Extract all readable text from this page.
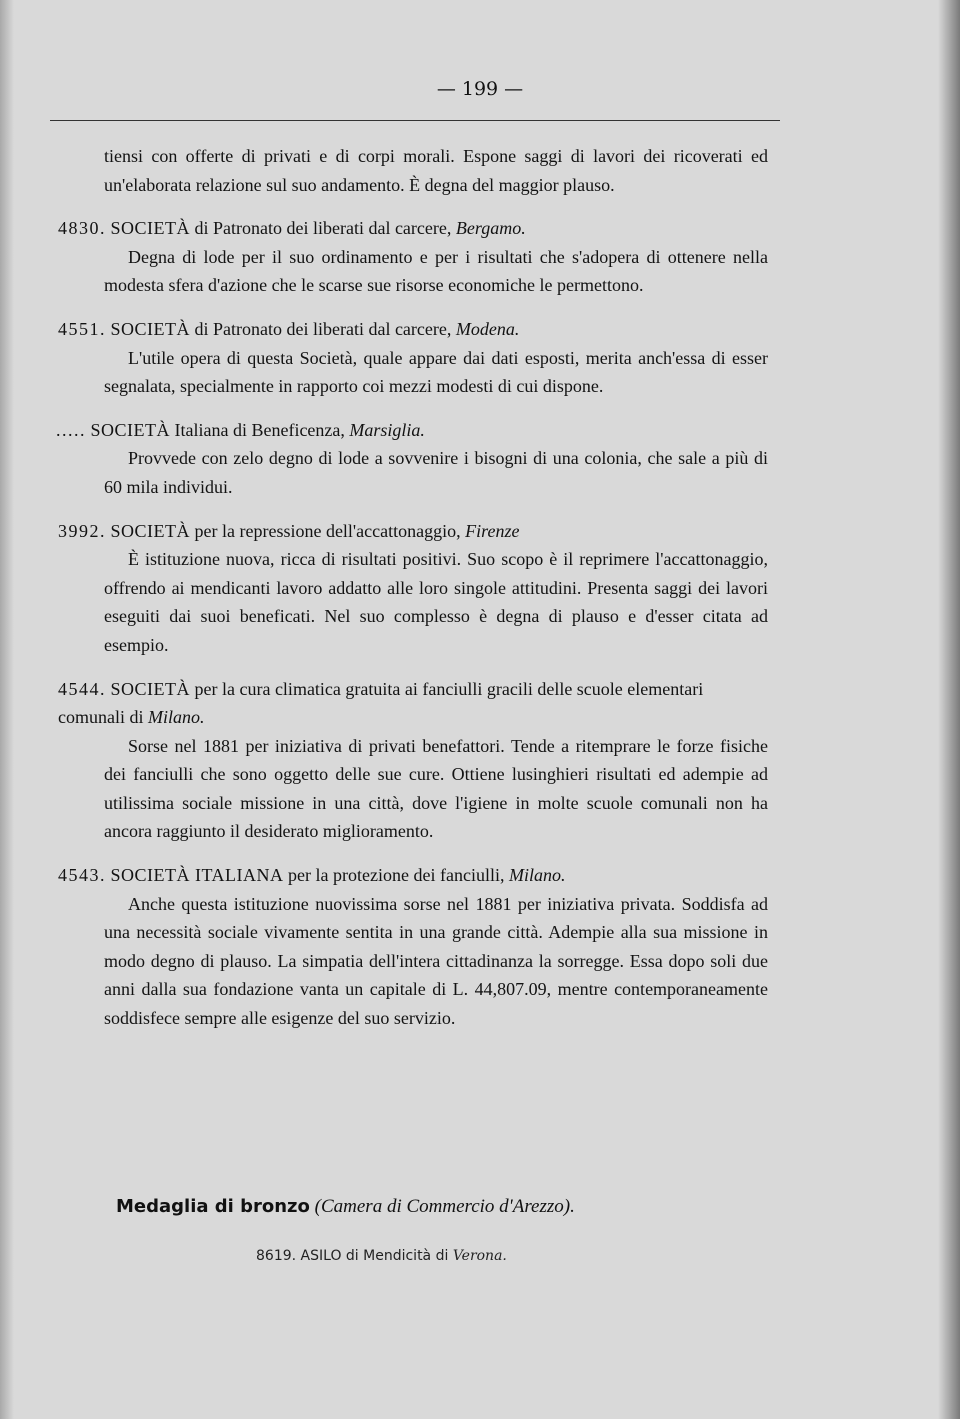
— 199 —

tiensi con offerte di privati e di corpi morali. Espone saggi di lavori dei ricoverati ed un'elaborata relazione sul suo andamento. È degna del maggior plauso.

4830. SOCIETÀ di Patronato dei liberati dal carcere, Bergamo.

Degna di lode per il suo ordinamento e per i risultati che s'adopera di ottenere nella modesta sfera d'azione che le scarse sue risorse economiche le permettono.

4551. SOCIETÀ di Patronato dei liberati dal carcere, Modena.

L'utile opera di questa Società, quale appare dai dati esposti, merita anch'essa di esser segnalata, specialmente in rapporto coi mezzi modesti di cui dispone.

..... SOCIETÀ Italiana di Beneficenza, Marsiglia.

Provvede con zelo degno di lode a sovvenire i bisogni di una colonia, che sale a più di 60 mila individui.

3992. SOCIETÀ per la repressione dell'accattonaggio, Firenze

È istituzione nuova, ricca di risultati positivi. Suo scopo è il reprimere l'accattonaggio, offrendo ai mendicanti lavoro addatto alle loro singole attitudini. Presenta saggi dei lavori eseguiti dai suoi beneficati. Nel suo complesso è degna di plauso e d'esser citata ad esempio.

4544. SOCIETÀ per la cura climatica gratuita ai fanciulli gracili delle scuole elementari comunali di Milano.

Sorse nel 1881 per iniziativa di privati benefattori. Tende a ritemprare le forze fisiche dei fanciulli che sono oggetto delle sue cure. Ottiene lusinghieri risultati ed adempie ad utilissima sociale missione in una città, dove l'igiene in molte scuole comunali non ha ancora raggiunto il desiderato miglioramento.

4543. SOCIETÀ ITALIANA per la protezione dei fanciulli, Milano.

Anche questa istituzione nuovissima sorse nel 1881 per iniziativa privata. Soddisfa ad una necessità sociale vivamente sentita in una grande città. Adempie alla sua missione in modo degno di plauso. La simpatia dell'intera cittadinanza la sorregge. Essa dopo soli due anni dalla sua fondazione vanta un capitale di L. 44,807.09, mentre contemporaneamente soddisfece sempre alle esigenze del suo servizio.

Medaglia di bronzo (Camera di Commercio d'Arezzo).
8619. ASILO di Mendicità di Verona.
